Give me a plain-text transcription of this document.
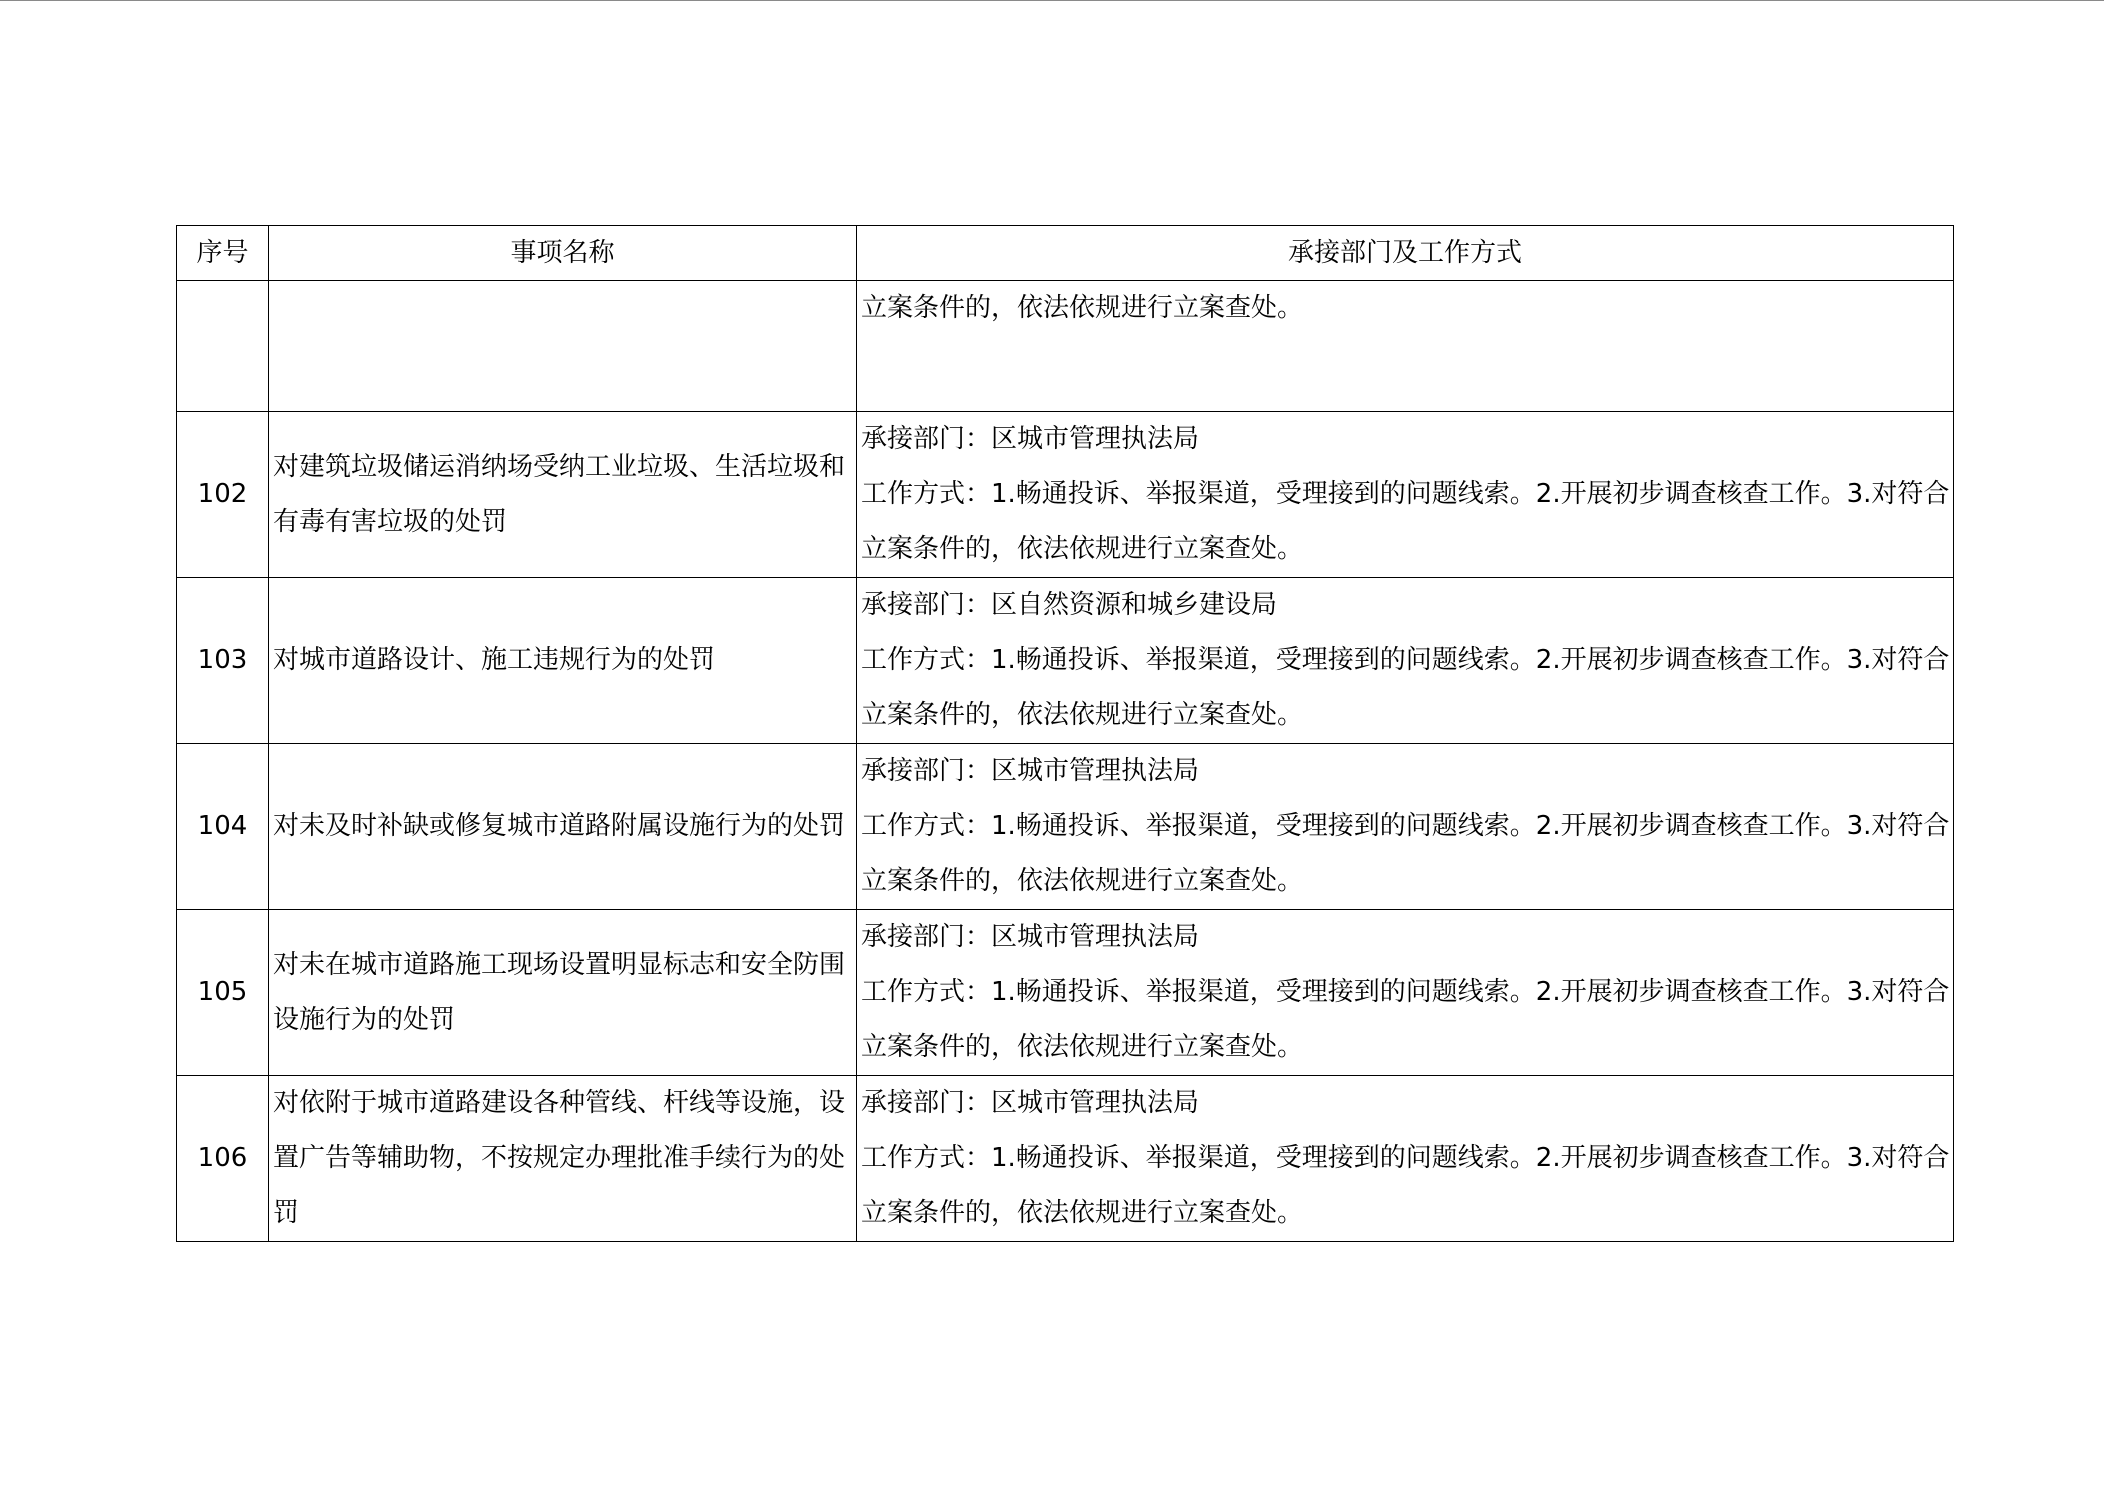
序号	事项名称	承接部门及工作方式

		立案条件的，依法依规进行立案查处。

102	对建筑垃圾储运消纳场受纳工业垃圾、生活垃圾和有毒有害垃圾的处罚	承接部门：区城市管理执法局
工作方式：1.畅通投诉、举报渠道，受理接到的问题线索。2.开展初步调查核查工作。3.对符合
立案条件的，依法依规进行立案查处。

103	对城市道路设计、施工违规行为的处罚	承接部门：区自然资源和城乡建设局
工作方式：1.畅通投诉、举报渠道，受理接到的问题线索。2.开展初步调查核查工作。3.对符合
立案条件的，依法依规进行立案查处。

104	对未及时补缺或修复城市道路附属设施行为的处罚	承接部门：区城市管理执法局
工作方式：1.畅通投诉、举报渠道，受理接到的问题线索。2.开展初步调查核查工作。3.对符合
立案条件的，依法依规进行立案查处。

105	对未在城市道路施工现场设置明显标志和安全防围设施行为的处罚	承接部门：区城市管理执法局
工作方式：1.畅通投诉、举报渠道，受理接到的问题线索。2.开展初步调查核查工作。3.对符合
立案条件的，依法依规进行立案查处。

106	对依附于城市道路建设各种管线、杆线等设施，设置广告等辅助物，不按规定办理批准手续行为的处罚	承接部门：区城市管理执法局
工作方式：1.畅通投诉、举报渠道，受理接到的问题线索。2.开展初步调查核查工作。3.对符合
立案条件的，依法依规进行立案查处。
